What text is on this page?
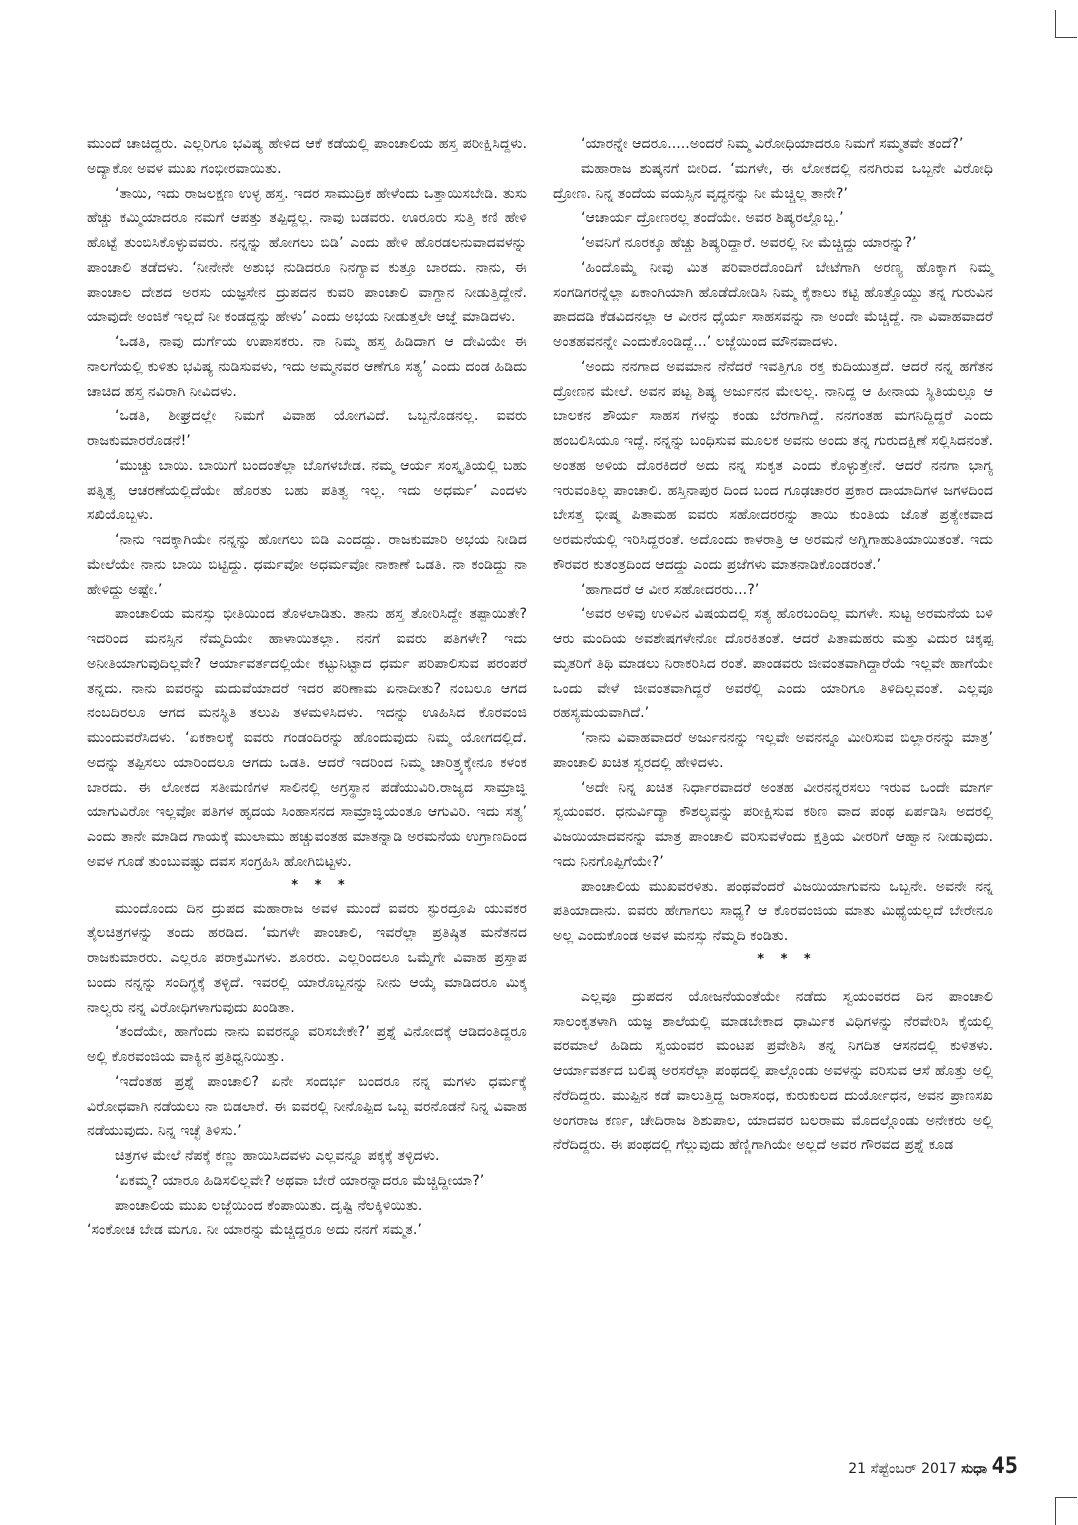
ಮುಂದೆ ಚಾಚಿದ್ದರು. ಎಲ್ಲರಿಗೂ ಭವಿಷ್ಯ ಹೇಳಿದ ಆಕೆ ಕಡೆಯಲ್ಲಿ ಪಾಂಚಾಲಿಯ ಹಸ್ತ ಪರೀಕ್ಷಿಸಿದ್ದಳು. ಅದ್ಯಾಕೋ ಅವಳ ಮುಖ ಗಂಭೀರವಾಯಿತು.

‘ತಾಯಿ, ಇದು ರಾಜಲಕ್ಷಣ ಉಳ್ಳ ಹಸ್ತ. ಇದರ ಸಾಮುದ್ರಿಕ ಹೇಳೆಂದು ಒತ್ತಾಯಿಸಬೇಡಿ. ತುಸು ಹೆಚ್ಚು ಕಮ್ಮಿಯಾದರೂ ನಮಗೆ ಆಪತ್ತು ತಪ್ಪಿದ್ದಲ್ಲ. ನಾವು ಬಡವರು. ಊರೂರು ಸುತ್ತಿ ಕಣಿ ಹೇಳಿ ಹೊಟ್ಟೆ ತುಂಬಿಸಿಕೊಳ್ಳುವವರು. ನನ್ನನ್ನು ಹೋಗಲು ಬಿಡಿ’ ಎಂದು ಹೇಳಿ ಹೊರಡಲನುವಾದವಳನ್ನು ಪಾಂಚಾಲಿ ತಡೆದಳು. ‘ನೀನೇನೇ ಅಶುಭ ನುಡಿದರೂ ನಿನಗ್ಯಾವ ಕುತ್ತೂ ಬಾರದು. ನಾನು, ಈ ಪಾಂಚಾಲ ದೇಶದ ಅರಸು ಯಜ್ಞಸೇನ ದ್ರುಪದನ ಕುವರಿ ಪಾಂಚಾಲಿ ವಾಗ್ದಾನ ನೀಡುತ್ತಿದ್ದೇನೆ. ಯಾವುದೇ ಅಂಜಿಕೆ ಇಲ್ಲದೆ ನೀ ಕಂಡದ್ದನ್ನು ಹೇಳು’ ಎಂದು ಅಭಯ ನೀಡುತ್ತಲೇ ಆಜ್ಞೆ ಮಾಡಿದಳು.

‘ಒಡತಿ, ನಾವು ದುರ್ಗೆಯ ಉಪಾಸಕರು. ನಾ ನಿಮ್ಮ ಹಸ್ತ ಹಿಡಿದಾಗ ಆ ದೇವಿಯೇ ಈ ನಾಲಗೆಯಲ್ಲಿ ಕುಳಿತು ಭವಿಷ್ಯ ನುಡಿಸುವಳು, ಇದು ಅಮ್ಮನವರ ಆಣೆಗೂ ಸತ್ಯ’ ಎಂದು ದಂಡ ಹಿಡಿದು ಚಾಚಿದ ಹಸ್ತ ನವಿರಾಗಿ ನೀವಿದಳು.

‘ಒಡತಿ, ಶೀಘ್ರದಲ್ಲೇ ನಿಮಗೆ ವಿವಾಹ ಯೋಗವಿದೆ. ಒಬ್ಬನೊಡನಲ್ಲ. ಐವರು ರಾಜಕುಮಾರರೊಡನೆ!’

‘ಮುಚ್ಚು ಬಾಯಿ. ಬಾಯಿಗೆ ಬಂದಂತೆಲ್ಲಾ ಬೊಗಳಬೇಡ. ನಮ್ಮ ಆರ್ಯ ಸಂಸ್ಕೃತಿಯಲ್ಲಿ ಬಹು ಪತ್ನಿತ್ವ ಆಚರಣೆಯಲ್ಲಿದೆಯೇ ಹೊರತು ಬಹು ಪತಿತ್ವ ಇಲ್ಲ. ಇದು ಅಧರ್ಮ’ ಎಂದಳು ಸಖಿಯೊಬ್ಬಳು.

‘ನಾನು ಇದಕ್ಕಾಗಿಯೇ ನನ್ನನ್ನು ಹೋಗಲು ಬಿಡಿ ಎಂದದ್ದು. ರಾಜಕುಮಾರಿ ಅಭಯ ನೀಡಿದ ಮೇಲೆಯೇ ನಾನು ಬಾಯಿ ಬಿಟ್ಟಿದ್ದು. ಧರ್ಮವೋ ಅಧರ್ಮವೋ ನಾಕಾಣೆ ಒಡತಿ. ನಾ ಕಂಡಿದ್ದು ನಾ ಹೇಳಿದ್ದು ಅಷ್ಟೇ.’

ಪಾಂಚಾಲಿಯ ಮನಸ್ಸು ಭೀತಿಯಿಂದ ತೊಳಲಾಡಿತು. ತಾನು ಹಸ್ತ ತೋರಿಸಿದ್ದೇ ತಪ್ಪಾಯಿತೇ? ಇದರಿಂದ ಮನಸ್ಸಿನ ನೆಮ್ಮದಿಯೇ ಹಾಳಾಯಿತಲ್ಲಾ. ನನಗೆ ಐವರು ಪತಿಗಳೇ? ಇದು ಅನೀತಿಯಾಗುವುದಿಲ್ಲವೇ? ಆರ್ಯಾವರ್ತದಲ್ಲಿಯೇ ಕಟ್ಟುನಿಟ್ಟಾದ ಧರ್ಮ ಪರಿಪಾಲಿಸುವ ಪರಂಪರೆ ತನ್ನದು. ನಾನು ಐವರನ್ನು ಮದುವೆಯಾದರೆ ಇದರ ಪರಿಣಾಮ ಏನಾದೀತು? ನಂಬಲೂ ಆಗದ ನಂಬದಿರಲೂ ಆಗದ ಮನಸ್ಥಿತಿ ತಲುಪಿ ತಳಮಳಿಸಿದಳು. ಇದನ್ನು ಊಹಿಸಿದ ಕೊರವಂಜಿ ಮುಂದುವರೆಸಿದಳು. ‘ಏಕಕಾಲಕ್ಕೆ ಐವರು ಗಂಡಂದಿರನ್ನು ಹೊಂದುವುದು ನಿಮ್ಮ ಯೋಗದಲ್ಲಿದೆ. ಅದನ್ನು ತಪ್ಪಿಸಲು ಯಾರಿಂದಲೂ ಆಗದು ಒಡತಿ. ಆದರೆ ಇದರಿಂದ ನಿಮ್ಮ ಚಾರಿತ್ರ್ಯಕ್ಕೇನೂ ಕಳಂಕ ಬಾರದು. ಈ ಲೋಕದ ಸತೀಮಣಿಗಳ ಸಾಲಿನಲ್ಲಿ ಅಗ್ರಸ್ಥಾನ ಪಡೆಯುವಿರಿ.ರಾಜ್ಯದ ಸಾಮ್ರಾಜ್ಞಿ ಯಾಗುವಿರೋ ಇಲ್ಲವೋ ಪತಿಗಳ ಹೃದಯ ಸಿಂಹಾಸನದ ಸಾಮ್ರಾಜ್ಞಿಯಂತೂ ಆಗುವಿರಿ. ಇದು ಸತ್ಯ’ ಎಂದು ತಾನೇ ಮಾಡಿದ ಗಾಯಕ್ಕೆ ಮುಲಾಮು ಹಚ್ಚುವಂತಹ ಮಾತನ್ನಾಡಿ ಅರಮನೆಯ ಉಗ್ರಾಣದಿಂದ ಅವಳ ಗೂಡೆ ತುಂಬುವಷ್ಟು ದವಸ ಸಂಗ್ರಹಿಸಿ ಹೋಗಿಬಿಟ್ಟಳು.

* * *

ಮುಂದೊಂದು ದಿನ ದ್ರುಪದ ಮಹಾರಾಜ ಅವಳ ಮುಂದೆ ಐವರು ಸ್ಫುರದ್ರೂಪಿ ಯುವಕರ ತೈಲಚಿತ್ರಗಳನ್ನು ತಂದು ಹರಡಿದ. ‘ಮಗಳೇ ಪಾಂಚಾಲಿ, ಇವರೆಲ್ಲಾ ಪ್ರತಿಷ್ಠಿತ ಮನೆತನದ ರಾಜಕುಮಾರರು. ಎಲ್ಲರೂ ಪರಾಕ್ರಮಿಗಳು. ಶೂರರು. ಎಲ್ಲರಿಂದಲೂ ಒಮ್ಮೆಗೇ ವಿವಾಹ ಪ್ರಸ್ತಾಪ ಬಂದು ನನ್ನನ್ನು ಸಂದಿಗ್ಧಕ್ಕೆ ತಳ್ಳಿದೆ. ಇವರಲ್ಲಿ ಯಾರೊಬ್ಬನನ್ನು ನೀನು ಆಯ್ಕೆ ಮಾಡಿದರೂ ಮಿಕ್ಕ ನಾಲ್ವರು ನನ್ನ ವಿರೋಧಿಗಳಾಗುವುದು ಖಂಡಿತಾ.

‘ತಂದೆಯೇ, ಹಾಗೆಂದು ನಾನು ಐವರನ್ನೂ ವರಿಸಬೇಕೇ?’ ಪ್ರಶ್ನೆ ವಿನೋದಕ್ಕೆ ಆಡಿದಂತಿದ್ದರೂ ಅಲ್ಲಿ ಕೊರವಂಜಿಯ ವಾಕ್ಯಿನ ಪ್ರತಿಧ್ವನಿಯಿತ್ತು.

‘ಇದೆಂತಹ ಪ್ರಶ್ನೆ ಪಾಂಚಾಲಿ? ಏನೇ ಸಂದರ್ಭ ಬಂದರೂ ನನ್ನ ಮಗಳು ಧರ್ಮಕ್ಕೆ ವಿರೋಧವಾಗಿ ನಡೆಯಲು ನಾ ಬಿಡಲಾರೆ. ಈ ಐವರಲ್ಲಿ ನೀನೊಪ್ಪಿದ ಒಬ್ಬ ವರನೊಡನೆ ನಿನ್ನ ವಿವಾಹ ನಡೆಯುವುದು. ನಿನ್ನ ಇಚ್ಛೆ ತಿಳಿಸು.’

ಚಿತ್ರಗಳ ಮೇಲೆ ನೆಪಕ್ಕೆ ಕಣ್ಣು ಹಾಯಿಸಿದವಳು ಎಲ್ಲವನ್ನೂ ಪಕ್ಕಕ್ಕೆ ತಳ್ಳಿದಳು.

‘ಏಕಮ್ಮ? ಯಾರೂ ಹಿಡಿಸಲಿಲ್ಲವೇ? ಅಥವಾ ಬೇರೆ ಯಾರನ್ನಾದರೂ ಮೆಚ್ಚಿದ್ದೀಯಾ?’

ಪಾಂಚಾಲಿಯ ಮುಖ ಲಜ್ಜೆಯಿಂದ ಕೆಂಪಾಯಿತು. ದೃಷ್ಟಿ ನೆಲಕ್ಕಿಳಿಯಿತು.

‘ಸಂಕೋಚ ಬೇಡ ಮಗೂ. ನೀ ಯಾರನ್ನು ಮೆಚ್ಚಿದ್ದರೂ ಅದು ನನಗೆ ಸಮ್ಮತ.’

‘ಯಾರನ್ನೇ ಆದರೂ.....ಅಂದರೆ ನಿಮ್ಮ ವಿರೋಧಿಯಾದರೂ ನಿಮಗೆ ಸಮ್ಮತವೇ ತಂದೆ?’

ಮಹಾರಾಜ ಶುಷ್ಕನಗೆ ಬೀರಿದ. ‘ಮಗಳೇ, ಈ ಲೋಕದಲ್ಲಿ ನನಗಿರುವ ಒಬ್ಬನೇ ವಿರೋಧಿ ದ್ರೋಣ. ನಿನ್ನ ತಂದೆಯ ವಯಸ್ಸಿನ ವೃದ್ಧನನ್ನು ನೀ ಮೆಚ್ಚಿಲ್ಲ ತಾನೇ?’

‘ಆಚಾರ್ಯ ದ್ರೋಣರಲ್ಲ ತಂದೆಯೇ. ಅವರ ಶಿಷ್ಯರಲ್ಲೊಬ್ಬ.’

‘ಅವನಿಗೆ ನೂರಕ್ಕೂ ಹೆಚ್ಚು ಶಿಷ್ಯರಿದ್ದಾರೆ. ಅವರಲ್ಲಿ ನೀ ಮೆಚ್ಚಿದ್ದು ಯಾರನ್ನು?’

‘ಹಿಂದೊಮ್ಮೆ ನೀವು ಮಿತ ಪರಿವಾರದೊಂದಿಗೆ ಬೇಟೆಗಾಗಿ ಅರಣ್ಯ ಹೊಕ್ಕಾಗ ನಿಮ್ಮ ಸಂಗಡಿಗರನ್ನೆಲ್ಲಾ ಏಕಾಂಗಿಯಾಗಿ ಹೊಡೆದೋಡಿಸಿ ನಿಮ್ಮ ಕೈಕಾಲು ಕಟ್ಟಿ ಹೊತ್ತೊಯ್ದು ತನ್ನ ಗುರುವಿನ ಪಾದದಡಿ ಕೆಡವಿದನಲ್ಲಾ ಆ ವೀರನ ಧೈರ್ಯ ಸಾಹಸವನ್ನು ನಾ ಅಂದೇ ಮೆಚ್ಚಿದ್ದೆ. ನಾ ವಿವಾಹವಾದರೆ ಅಂತಹವನನ್ನೇ ಎಂದುಕೊಂಡಿದ್ದೆ...’ ಲಜ್ಜೆಯಿಂದ ಮೌನವಾದಳು.

‘ಅಂದು ನನಗಾದ ಅವಮಾನ ನೆನೆದರೆ ಇವತ್ತಿಗೂ ರಕ್ತ ಕುದಿಯುತ್ತದೆ. ಆದರೆ ನನ್ನ ಹಗೆತನ ದ್ರೋಣನ ಮೇಲೆ. ಅವನ ಪಟ್ಟ ಶಿಷ್ಯ ಅರ್ಜುನನ ಮೇಲಲ್ಲ. ನಾನಿದ್ದ ಆ ಹೀನಾಯ ಸ್ಥಿತಿಯಲ್ಲೂ ಆ ಬಾಲಕನ ಶೌರ್ಯ ಸಾಹಸ ಗಳನ್ನು ಕಂಡು ಬೆರಗಾಗಿದ್ದೆ. ನನಗಂತಹ ಮಗನಿದ್ದಿದ್ದರೆ ಎಂದು ಹಂಬಲಿಸಿಯೂ ಇದ್ದೆ. ನನ್ನನ್ನು ಬಂಧಿಸುವ ಮೂಲಕ ಅವನು ಅಂದು ತನ್ನ ಗುರುದಕ್ಷಿಣೆ ಸಲ್ಲಿಸಿದನಂತೆ. ಅಂತಹ ಅಳಿಯ ದೊರಕಿದರೆ ಅದು ನನ್ನ ಸುಕೃತ ಎಂದು ಕೊಳ್ಳುತ್ತೇನೆ. ಆದರೆ ನನಗಾ ಭಾಗ್ಯ ಇರುವಂತಿಲ್ಲ ಪಾಂಚಾಲಿ. ಹಸ್ತಿನಾಪುರ ದಿಂದ ಬಂದ ಗೂಢಚಾರರ ಪ್ರಕಾರ ದಾಯಾದಿಗಳ ಜಗಳದಿಂದ ಬೇಸತ್ತ ಭೀಷ್ಮ ಪಿತಾಮಹ ಐವರು ಸಹೋದರರನ್ನು ತಾಯಿ ಕುಂತಿಯ ಜೊತೆ ಪ್ರತ್ಯೇಕವಾದ ಅರಮನೆಯಲ್ಲಿ ಇರಿಸಿದ್ದರಂತೆ. ಅದೊಂದು ಕಾಳರಾತ್ರಿ ಆ ಅರಮನೆ ಅಗ್ನಿಗಾಹುತಿಯಾಯಿತಂತೆ. ಇದು ಕೌರವರ ಕುತಂತ್ರದಿಂದ ಆದದ್ದು ಎಂದು ಪ್ರಜೆಗಳು ಮಾತನಾಡಿಕೊಂಡರಂತೆ.’

‘ಹಾಗಾದರೆ ಆ ವೀರ ಸಹೋದರರು...?’

‘ಅವರ ಅಳಿವು ಉಳಿವಿನ ವಿಷಯದಲ್ಲಿ ಸತ್ಯ ಹೊರಬಂದಿಲ್ಲ ಮಗಳೇ. ಸುಟ್ಟ ಅರಮನೆಯ ಬಳಿ ಆರು ಮಂದಿಯ ಅವಶೇಷಗಳೇನೋ ದೊರಕಿತಂತೆ. ಆದರೆ ಪಿತಾಮಹರು ಮತ್ತು ವಿದುರ ಚಿಕ್ಕಪ್ಪ ಮೃತರಿಗೆ ತಿಥಿ ಮಾಡಲು ನಿರಾಕರಿಸಿದ ರಂತೆ. ಪಾಂಡವರು ಜೀವಂತವಾಗಿದ್ದಾರೆಯೆ ಇಲ್ಲವೇ ಹಾಗೆಯೇ ಒಂದು ವೇಳೆ ಜೀವಂತವಾಗಿದ್ದರೆ ಅವರೆಲ್ಲಿ ಎಂದು ಯಾರಿಗೂ ತಿಳಿದಿಲ್ಲವಂತೆ. ಎಲ್ಲವೂ ರಹಸ್ಯಮಯವಾಗಿದೆ.’

‘ನಾನು ವಿವಾಹವಾದರೆ ಅರ್ಜುನನನ್ನು ಇಲ್ಲವೇ ಅವನನ್ನೂ ಮೀರಿಸುವ ಬಿಲ್ಲಾರನನ್ನು ಮಾತ್ರ’ ಪಾಂಚಾಲಿ ಖಚಿತ ಸ್ವರದಲ್ಲಿ ಹೇಳಿದಳು.

‘ಅದೇ ನಿನ್ನ ಖಚಿತ ನಿರ್ಧಾರವಾದರೆ ಅಂತಹ ವೀರನನ್ನರಸಲು ಇರುವ ಒಂದೇ ಮಾರ್ಗ ಸ್ವಯಂವರ. ಧನುರ್ವಿದ್ಯಾ ಕೌಶಲ್ಯವನ್ನು ಪರೀಕ್ಷಿಸುವ ಕಠಿಣ ವಾದ ಪಂಥ ಏರ್ಪಡಿಸಿ ಅದರಲ್ಲಿ ವಿಜಯಿಯಾದವನನ್ನು ಮಾತ್ರ ಪಾಂಚಾಲಿ ವರಿಸುವಳೆಂದು ಕ್ಷತ್ರಿಯ ವೀರರಿಗೆ ಆಹ್ವಾನ ನೀಡುವುದು. ಇದು ನಿನಗೊಪ್ಪಿಗೆಯೇ?’

ಪಾಂಚಾಲಿಯ ಮುಖವರಳಿತು. ಪಂಥವೆಂದರೆ ವಿಜಯಿಯಾಗುವನು ಒಬ್ಬನೇ. ಅವನೇ ನನ್ನ ಪತಿಯಾದಾನು. ಐವರು ಹೇಗಾಗಲು ಸಾಧ್ಯ? ಆ ಕೊರವಂಜಿಯ ಮಾತು ಮಿಥ್ಯೆಯಲ್ಲದೆ ಬೇರೇನೂ ಅಲ್ಲ ಎಂದುಕೊಂಡ ಅವಳ ಮನಸ್ಸು ನೆಮ್ಮದಿ ಕಂಡಿತು.

* * *

ಎಲ್ಲವೂ ದ್ರುಪದನ ಯೋಜನೆಯಂತೆಯೇ ನಡೆದು ಸ್ವಯಂವರದ ದಿನ ಪಾಂಚಾಲಿ ಸಾಲಂಕೃತಳಾಗಿ ಯಜ್ಞ ಶಾಲೆಯಲ್ಲಿ ಮಾಡಬೇಕಾದ ಧಾರ್ಮಿಕ ವಿಧಿಗಳನ್ನು ನೆರವೇರಿಸಿ ಕೈಯಲ್ಲಿ ವರಮಾಲೆ ಹಿಡಿದು ಸ್ವಯಂವರ ಮಂಟಪ ಪ್ರವೇಶಿಸಿ ತನ್ನ ನಿಗದಿತ ಆಸನದಲ್ಲಿ ಕುಳಿತಳು. ಆರ್ಯಾವರ್ತದ ಬಲಿಷ್ಠ ಅರಸರೆಲ್ಲಾ ಪಂಥದಲ್ಲಿ ಪಾಲ್ಗೊಂಡು ಅವಳನ್ನು ವರಿಸುವ ಆಸೆ ಹೊತ್ತು ಅಲ್ಲಿ ನೆರೆದಿದ್ದರು. ಮುಪ್ಪಿನ ಕಡೆ ವಾಲುತ್ತಿದ್ದ ಜರಾಸಂಧ, ಕುರುಕುಲದ ದುರ್ಯೋಧನ, ಅವನ ಪ್ರಾಣಸಖ ಅಂಗರಾಜ ಕರ್ಣ, ಚೇದಿರಾಜ ಶಿಶುಪಾಲ, ಯಾದವರ ಬಲರಾಮ ಮೊದಲ್ಗೊಂಡು ಅನೇಕರು ಅಲ್ಲಿ ನೆರೆದಿದ್ದರು. ಈ ಪಂಥದಲ್ಲಿ ಗೆಲ್ಲುವುದು ಹೆಣ್ಣಿಗಾಗಿಯೇ ಅಲ್ಲದೆ ಅವರ ಗೌರವದ ಪ್ರಶ್ನೆ ಕೂಡ

21 ಸೆಪ್ಟೆಂಬರ್ 2017 ಸುಧಾ 45
